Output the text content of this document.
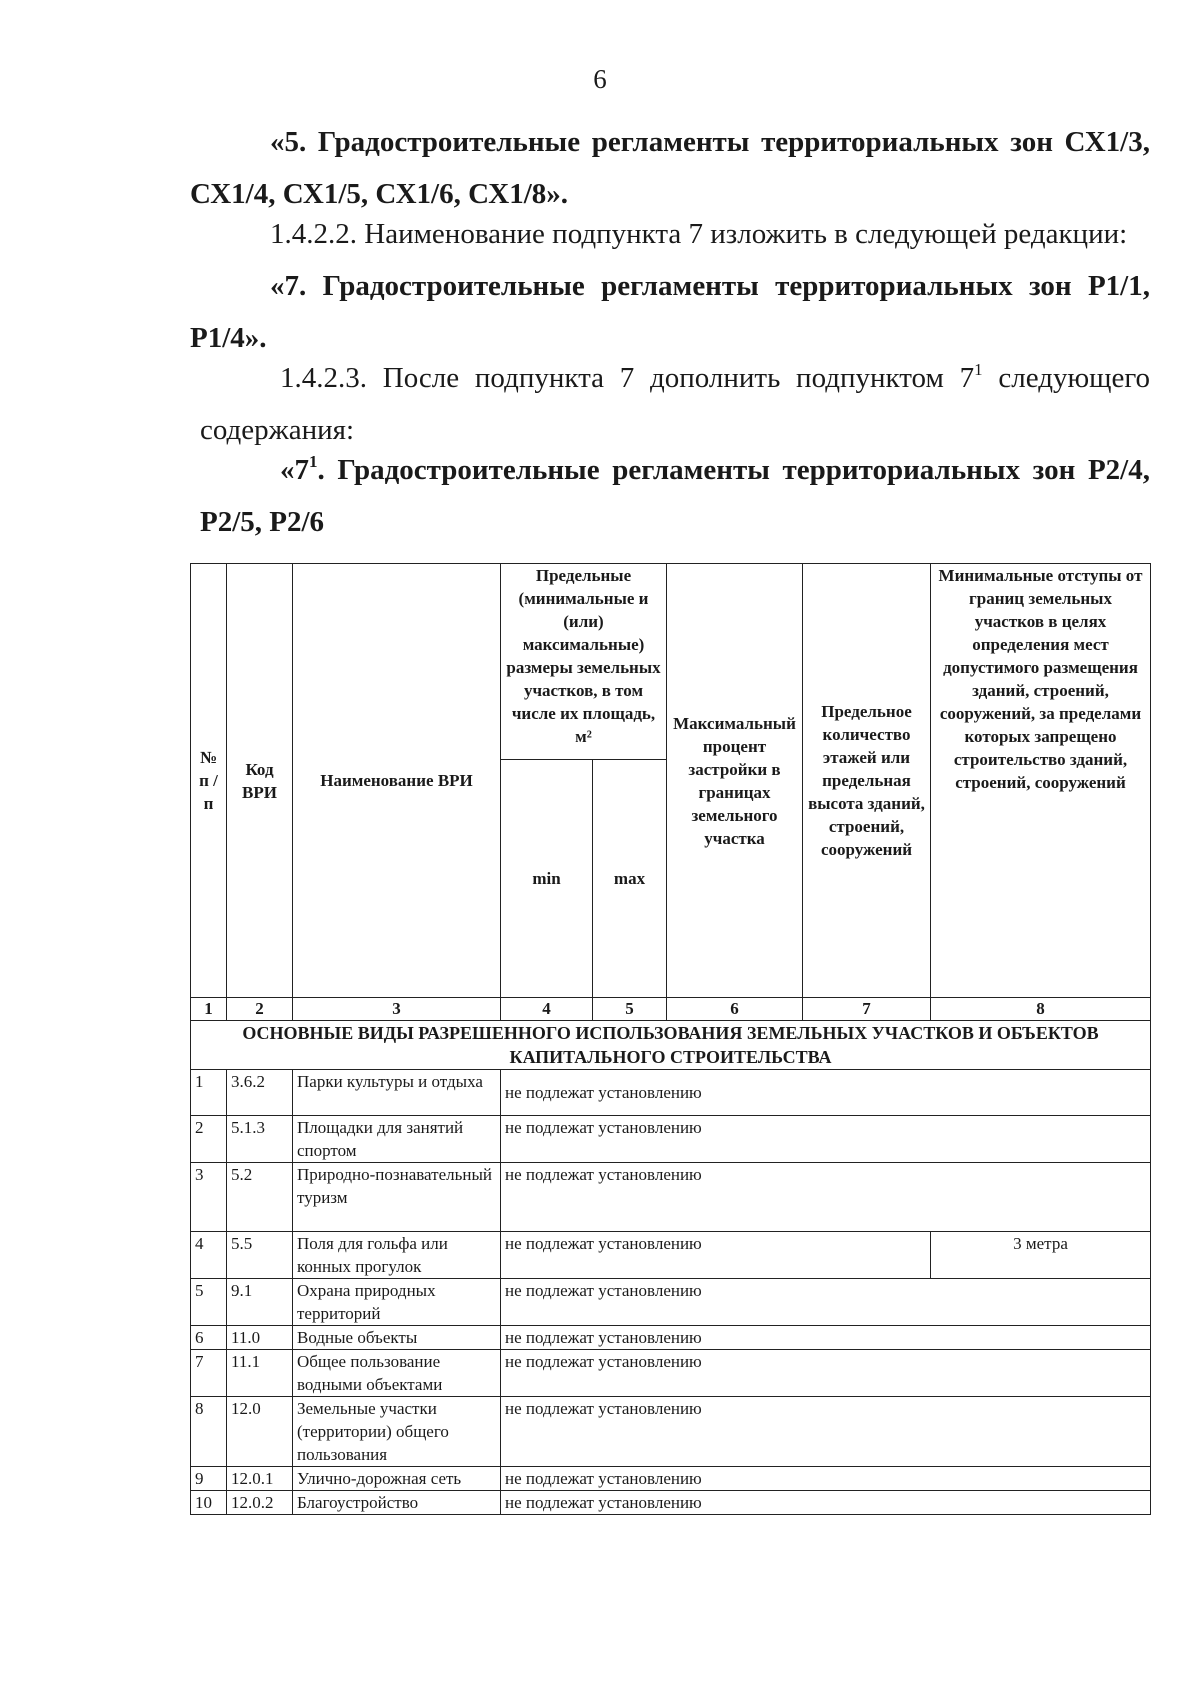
6
«5. Градостроительные регламенты территориальных зон СХ1/3, СХ1/4, СХ1/5, СХ1/6, СХ1/8».
1.4.2.2. Наименование подпункта 7 изложить в следующей редакции:
«7. Градостроительные регламенты территориальных зон Р1/1, Р1/4».
1.4.2.3. После подпункта 7 дополнить подпунктом $7^1$ следующего содержания:
«$7^1$. Градостроительные регламенты территориальных зон Р2/4, Р2/5, Р2/6
№ п / п	Код ВРИ	Наименование ВРИ	Предельные (минимальные и (или) максимальные) размеры земельных участков, в том числе их площадь, м²		Максимальный процент застройки в границах земельного участка	Предельное количество этажей или предельная высота зданий, строений, сооружений	Минимальные отступы от границ земельных участков в целях определения мест допустимого размещения зданий, строений, сооружений, за пределами которых запрещено строительство зданий, строений, сооружений
			min	max			
1	2	3	4	5	6	7	8
ОСНОВНЫЕ ВИДЫ РАЗРЕШЕННОГО ИСПОЛЬЗОВАНИЯ ЗЕМЕЛЬНЫХ УЧАСТКОВ И ОБЪЕКТОВ КАПИТАЛЬНОГО СТРОИТЕЛЬСТВА							
1	3.6.2	Парки культуры и отдыха	не подлежат установлению				
2	5.1.3	Площадки для занятий спортом	не подлежат установлению				
3	5.2	Природно-познавательный туризм	не подлежат установлению				
4	5.5	Поля для гольфа или конных прогулок	не подлежат установлению				3 метра
5	9.1	Охрана природных территорий	не подлежат установлению				
6	11.0	Водные объекты	не подлежат установлению				
7	11.1	Общее пользование водными объектами	не подлежат установлению				
8	12.0	Земельные участки (территории) общего пользования	не подлежат установлению				
9	12.0.1	Улично-дорожная сеть	не подлежат установлению				
10	12.0.2	Благоустройство	не подлежат установлению				
